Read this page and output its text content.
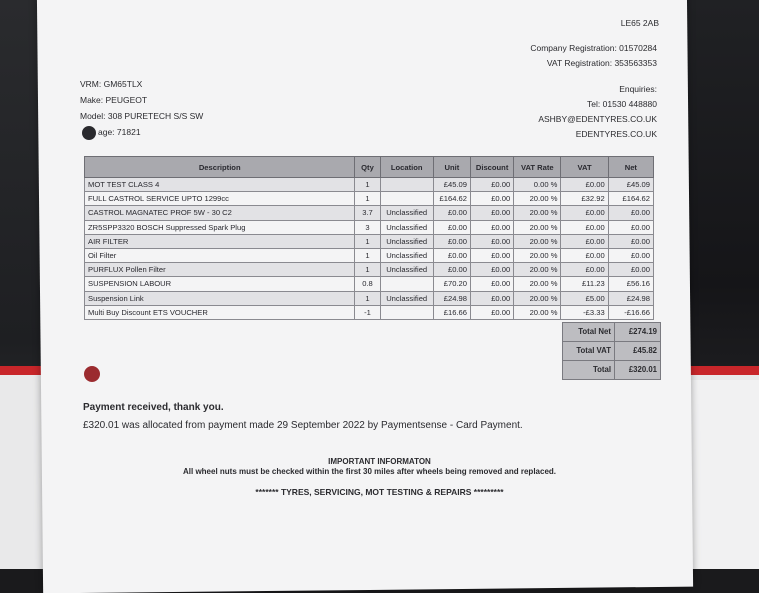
LE65 2AB
Company Registration: 01570284
VAT Registration: 353563353
Enquiries:
Tel: 01530 448880
ASHBY@EDENTYRES.CO.UK
EDENTYRES.CO.UK
VRM: GM65TLX
Make: PEUGEOT
Model: 308 PURETECH S/S SW
age: 71821
Description	Qty	Location	Unit	Discount	VAT Rate	VAT	Net
MOT TEST CLASS 4	1		£45.09	£0.00	0.00 %	£0.00	£45.09
FULL CASTROL SERVICE UPTO 1299cc	1		£164.62	£0.00	20.00 %	£32.92	£164.62
CASTROL MAGNATEC PROF 5W - 30 C2	3.7	Unclassified	£0.00	£0.00	20.00 %	£0.00	£0.00
ZR5SPP3320 BOSCH Suppressed Spark Plug	3	Unclassified	£0.00	£0.00	20.00 %	£0.00	£0.00
AIR FILTER	1	Unclassified	£0.00	£0.00	20.00 %	£0.00	£0.00
Oil Filter	1	Unclassified	£0.00	£0.00	20.00 %	£0.00	£0.00
PURFLUX Pollen Filter	1	Unclassified	£0.00	£0.00	20.00 %	£0.00	£0.00
SUSPENSION LABOUR	0.8		£70.20	£0.00	20.00 %	£11.23	£56.16
Suspension Link	1	Unclassified	£24.98	£0.00	20.00 %	£5.00	£24.98
Multi Buy Discount ETS VOUCHER	-1		£16.66	£0.00	20.00 %	-£3.33	-£16.66
Total Net	£274.19
Total VAT	£45.82
Total	£320.01
Payment received, thank you.
£320.01 was allocated from payment made 29 September 2022 by Paymentsense - Card Payment.
IMPORTANT INFORMATON
All wheel nuts must be checked within the first 30 miles after wheels being removed and replaced.
******* TYRES, SERVICING, MOT TESTING & REPAIRS *********
